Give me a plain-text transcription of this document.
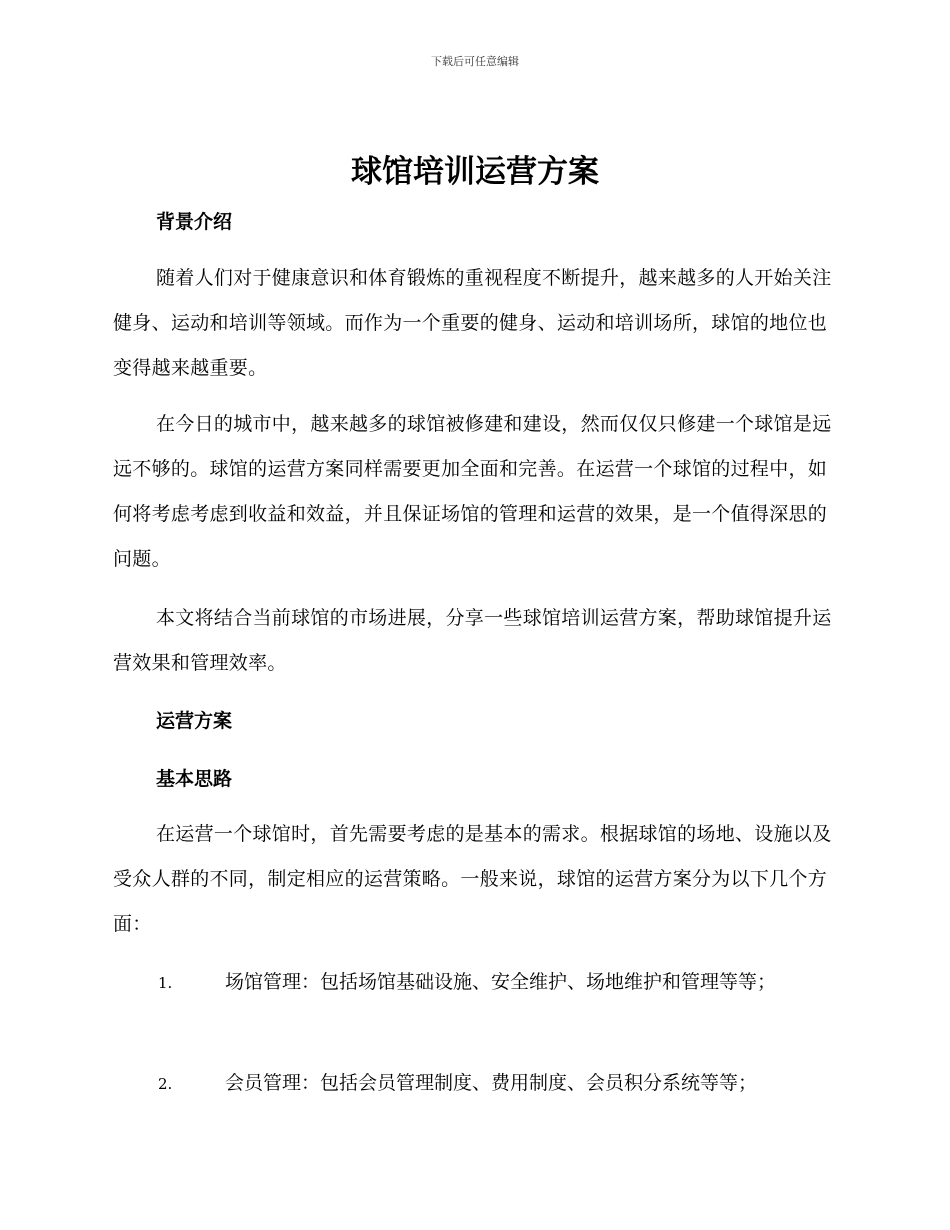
下载后可任意编辑
球馆培训运营方案
背景介绍

随着人们对于健康意识和体育锻炼的重视程度不断提升，越来越多的人开始关注健身、运动和培训等领域。而作为一个重要的健身、运动和培训场所，球馆的地位也变得越来越重要。

在今日的城市中，越来越多的球馆被修建和建设，然而仅仅只修建一个球馆是远远不够的。球馆的运营方案同样需要更加全面和完善。在运营一个球馆的过程中，如何将考虑考虑到收益和效益，并且保证场馆的管理和运营的效果，是一个值得深思的问题。

本文将结合当前球馆的市场进展，分享一些球馆培训运营方案，帮助球馆提升运营效果和管理效率。

运营方案
基本思路

在运营一个球馆时，首先需要考虑的是基本的需求。根据球馆的场地、设施以及受众人群的不同，制定相应的运营策略。一般来说，球馆的运营方案分为以下几个方面：

1.	场馆管理：包括场馆基础设施、安全维护、场地维护和管理等等；

2.	会员管理：包括会员管理制度、费用制度、会员积分系统等等；
